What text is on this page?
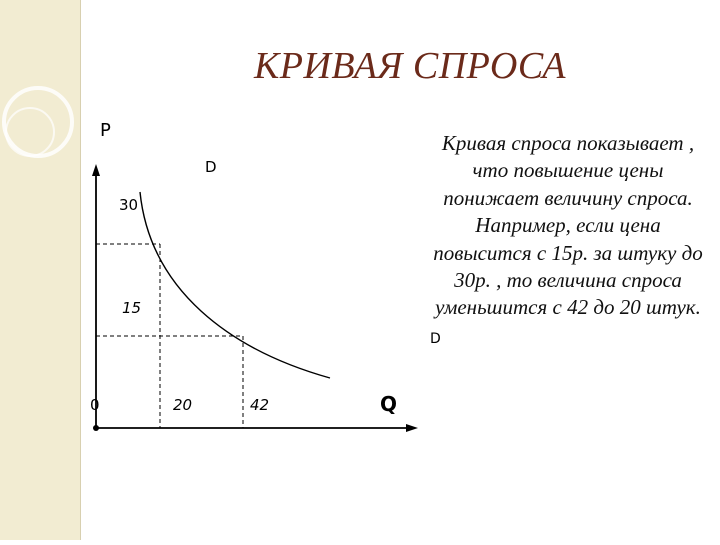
КРИВАЯ СПРОСА
P
D
30
15
0	20	42	Q
D
Кривая спроса показывает , что повышение цены понижает величину спроса. Например, если цена повысится с 15р. за штуку до 30р. , то величина спроса уменьшится с 42 до 20 штук.
